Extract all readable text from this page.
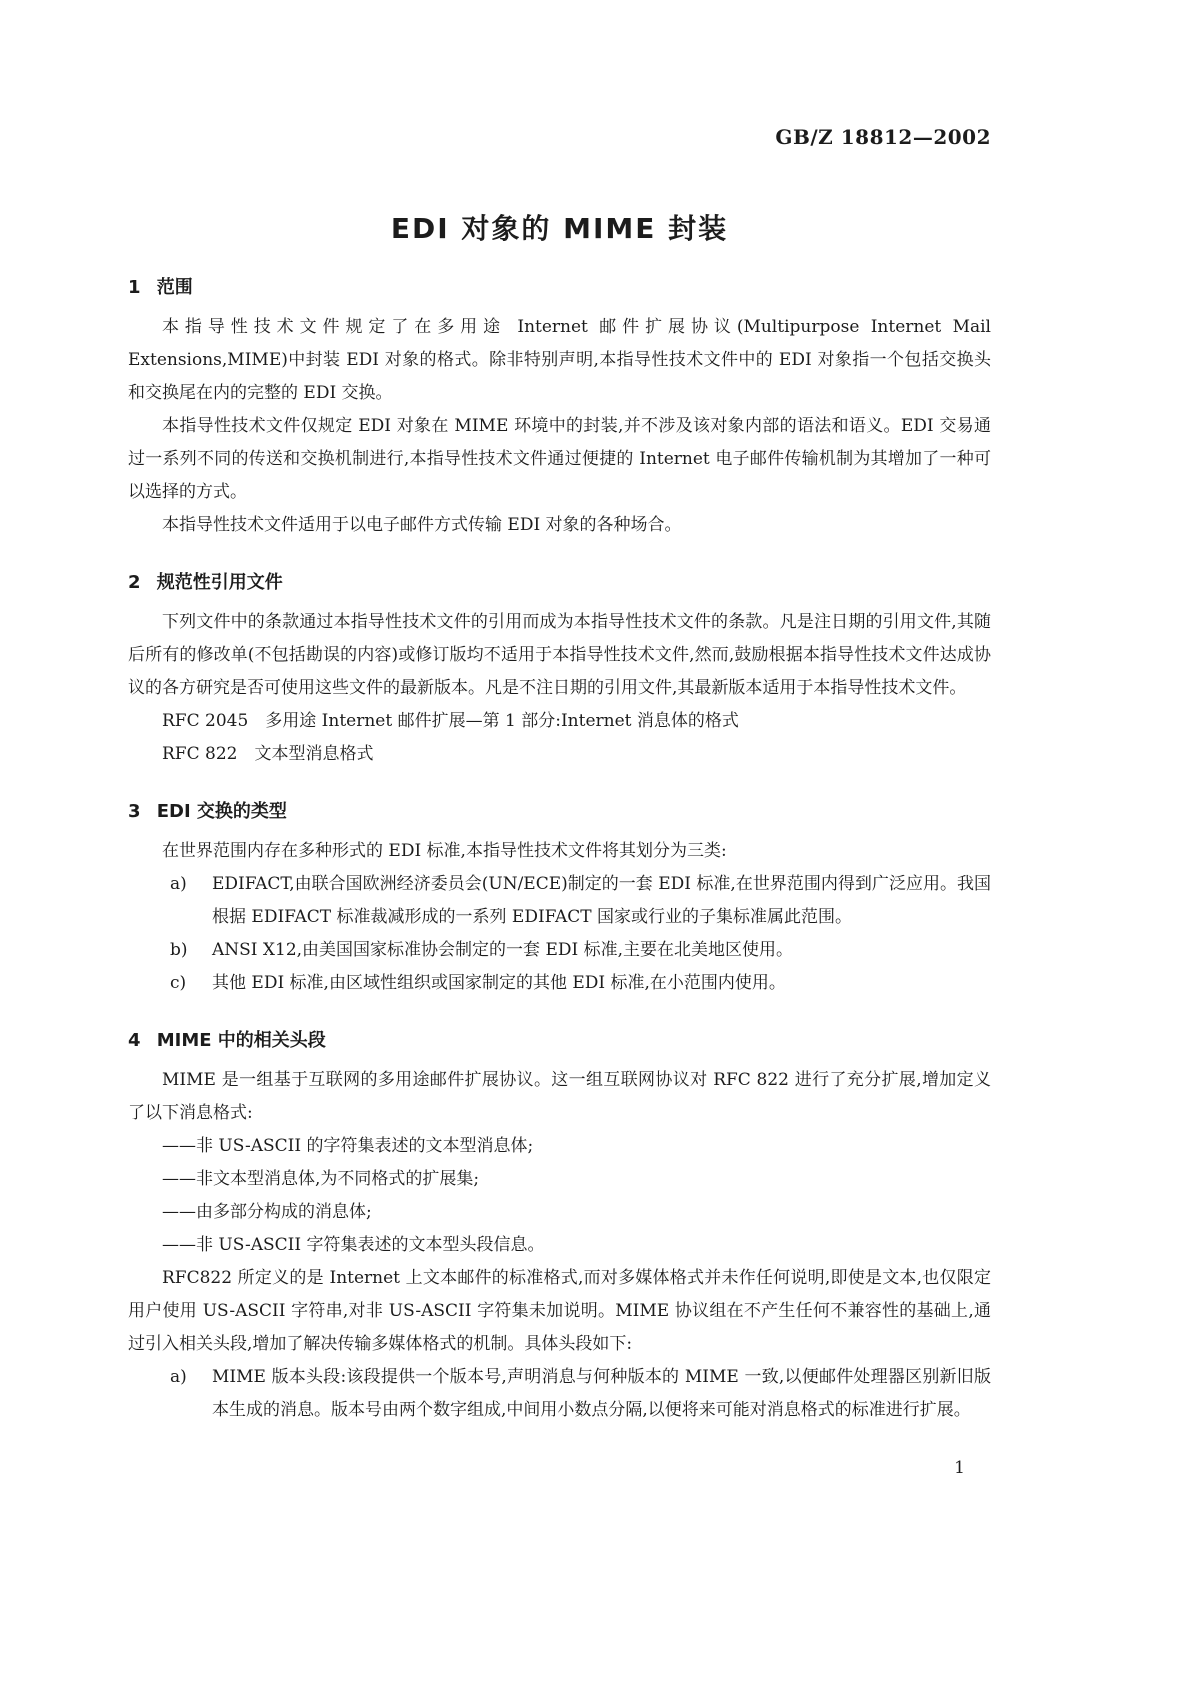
GB/Z 18812—2002
EDI 对象的 MIME 封装
1 范围

本指导性技术文件规定了在多用途 Internet 邮件扩展协议(Multipurpose Internet Mail Extensions,MIME)中封装 EDI 对象的格式。除非特别声明,本指导性技术文件中的 EDI 对象指一个包括交换头和交换尾在内的完整的 EDI 交换。

本指导性技术文件仅规定 EDI 对象在 MIME 环境中的封装,并不涉及该对象内部的语法和语义。EDI 交易通过一系列不同的传送和交换机制进行,本指导性技术文件通过便捷的 Internet 电子邮件传输机制为其增加了一种可以选择的方式。

本指导性技术文件适用于以电子邮件方式传输 EDI 对象的各种场合。

2 规范性引用文件

下列文件中的条款通过本指导性技术文件的引用而成为本指导性技术文件的条款。凡是注日期的引用文件,其随后所有的修改单(不包括勘误的内容)或修订版均不适用于本指导性技术文件,然而,鼓励根据本指导性技术文件达成协议的各方研究是否可使用这些文件的最新版本。凡是不注日期的引用文件,其最新版本适用于本指导性技术文件。

RFC 2045　多用途 Internet 邮件扩展—第 1 部分:Internet 消息体的格式
RFC 822　文本型消息格式
3 EDI 交换的类型

在世界范围内存在多种形式的 EDI 标准,本指导性技术文件将其划分为三类:

a) EDIFACT,由联合国欧洲经济委员会(UN/ECE)制定的一套 EDI 标准,在世界范围内得到广泛应用。我国根据 EDIFACT 标准裁减形成的一系列 EDIFACT 国家或行业的子集标准属此范围。
b) ANSI X12,由美国国家标准协会制定的一套 EDI 标准,主要在北美地区使用。
c) 其他 EDI 标准,由区域性组织或国家制定的其他 EDI 标准,在小范围内使用。
4 MIME 中的相关头段

MIME 是一组基于互联网的多用途邮件扩展协议。这一组互联网协议对 RFC 822 进行了充分扩展,增加定义了以下消息格式:

——非 US-ASCII 的字符集表述的文本型消息体;
——非文本型消息体,为不同格式的扩展集;
——由多部分构成的消息体;
——非 US-ASCII 字符集表述的文本型头段信息。

RFC822 所定义的是 Internet 上文本邮件的标准格式,而对多媒体格式并未作任何说明,即使是文本,也仅限定用户使用 US-ASCII 字符串,对非 US-ASCII 字符集未加说明。MIME 协议组在不产生任何不兼容性的基础上,通过引入相关头段,增加了解决传输多媒体格式的机制。具体头段如下:

a) MIME 版本头段:该段提供一个版本号,声明消息与何种版本的 MIME 一致,以便邮件处理器区别新旧版本生成的消息。版本号由两个数字组成,中间用小数点分隔,以便将来可能对消息格式的标准进行扩展。
1
